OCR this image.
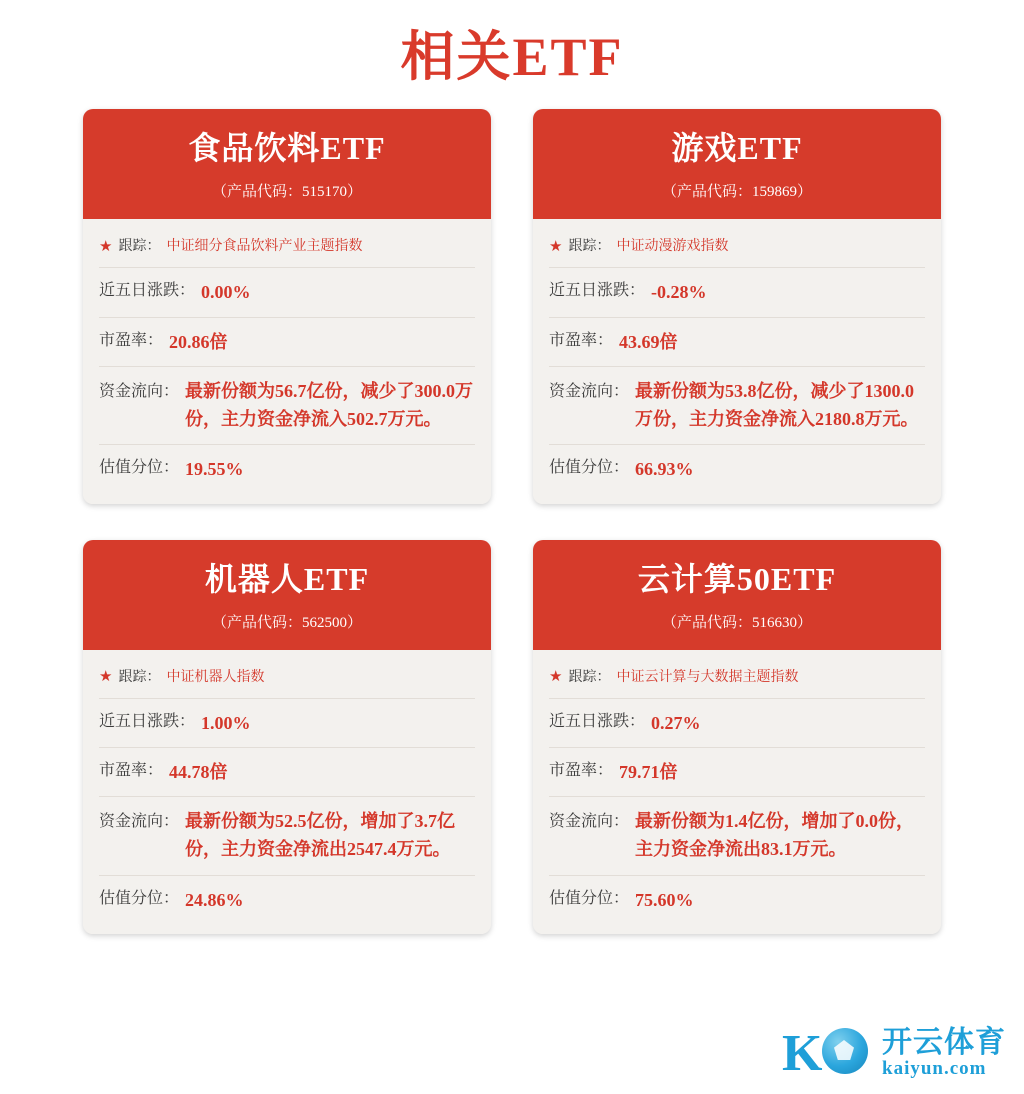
相关ETF
食品饮料ETF
（产品代码：515170）
★ 跟踪： 中证细分食品饮料产业主题指数
近五日涨跌： 0.00%
市盈率： 20.86倍
资金流向： 最新份额为56.7亿份，减少了300.0万份，主力资金净流入502.7万元。
估值分位： 19.55%
游戏ETF
（产品代码：159869）
★ 跟踪： 中证动漫游戏指数
近五日涨跌： -0.28%
市盈率： 43.69倍
资金流向： 最新份额为53.8亿份，减少了1300.0万份，主力资金净流入2180.8万元。
估值分位： 66.93%
机器人ETF
（产品代码：562500）
★ 跟踪： 中证机器人指数
近五日涨跌： 1.00%
市盈率： 44.78倍
资金流向： 最新份额为52.5亿份，增加了3.7亿份，主力资金净流出2547.4万元。
估值分位： 24.86%
云计算50ETF
（产品代码：516630）
★ 跟踪： 中证云计算与大数据主题指数
近五日涨跌： 0.27%
市盈率： 79.71倍
资金流向： 最新份额为1.4亿份，增加了0.0份，主力资金净流出83.1万元。
估值分位： 75.60%
K 开云体育
kaiyun.com
